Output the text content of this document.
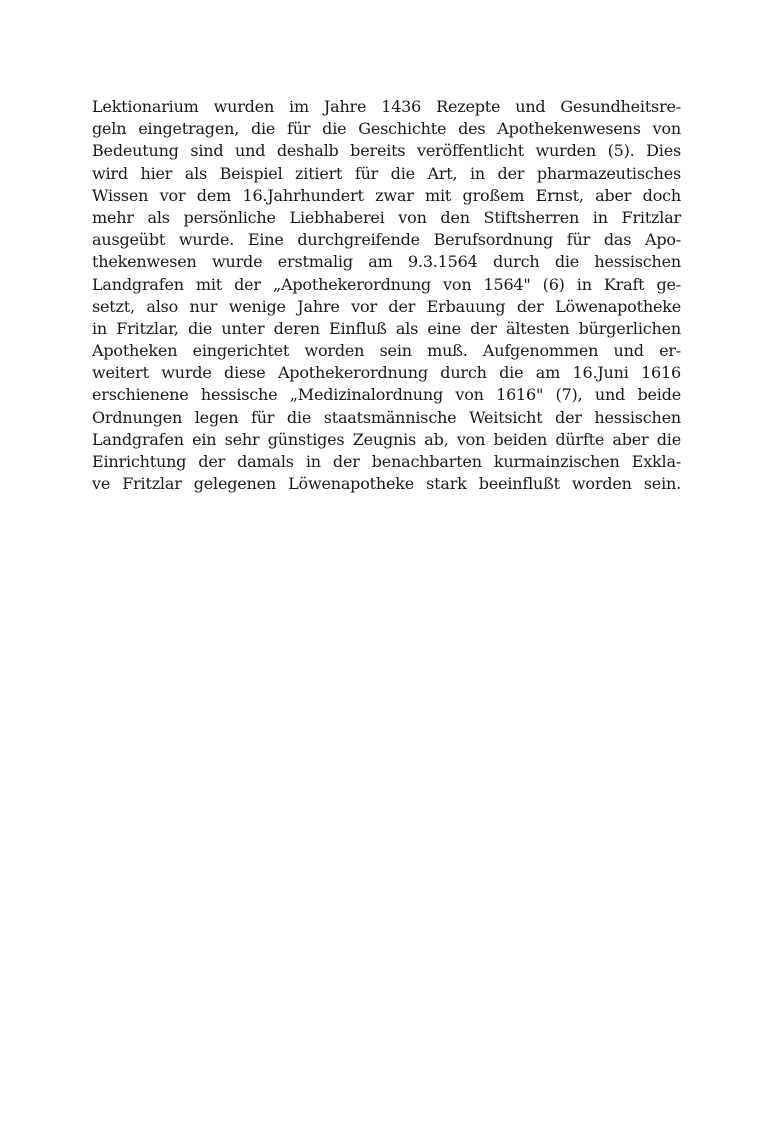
Lektionarium wurden im Jahre 1436 Rezepte und Gesundheitsre-
geln eingetragen, die für die Geschichte des Apothekenwesens von
Bedeutung sind und deshalb bereits veröffentlicht wurden (5). Dies
wird hier als Beispiel zitiert für die Art, in der pharmazeutisches
Wissen vor dem 16.Jahrhundert zwar mit großem Ernst, aber doch
mehr als persönliche Liebhaberei von den Stiftsherren in Fritzlar
ausgeübt wurde. Eine durchgreifende Berufsordnung für das Apo-
thekenwesen wurde erstmalig am 9.3.1564 durch die hessischen
Landgrafen mit der „Apothekerordnung von 1564" (6) in Kraft ge-
setzt, also nur wenige Jahre vor der Erbauung der Löwenapotheke
in Fritzlar, die unter deren Einfluß als eine der ältesten bürgerlichen
Apotheken eingerichtet worden sein muß. Aufgenommen und er-
weitert wurde diese Apothekerordnung durch die am 16.Juni 1616
erschienene hessische „Medizinalordnung von 1616" (7), und beide
Ordnungen legen für die staatsmännische Weitsicht der hessischen
Landgrafen ein sehr günstiges Zeugnis ab, von beiden dürfte aber die
Einrichtung der damals in der benachbarten kurmainzischen Exkla-
ve Fritzlar gelegenen Löwenapotheke stark beeinflußt worden sein.
